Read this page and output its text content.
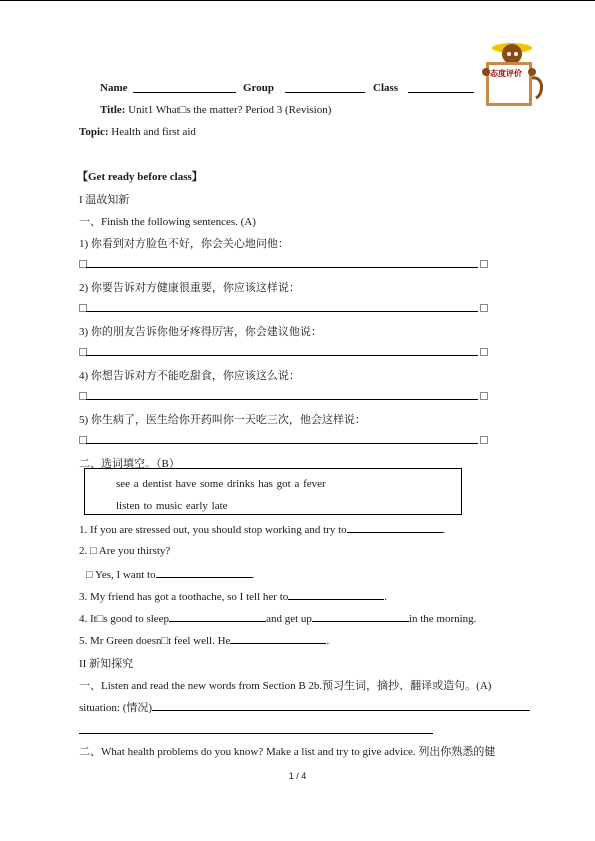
Name	Group	Class
态度评价
Title: Unit1 What□s the matter? Period 3 (Revision)
Topic: Health and first aid
【Get ready before class】
I 温故知新
一、Finish the following sentences. (A)
1) 你看到对方脸色不好，你会关心地问他：
2) 你要告诉对方健康很重要，你应该这样说：
3) 你的朋友告诉你他牙疼得厉害，你会建议他说：
4) 你想告诉对方不能吃甜食，你应该这么说：
5) 你生病了，医生给你开药叫你一天吃三次，他会这样说：
二、选词填空。（B）
see a dentist have some drinks has got a fever
listen to music early late
1. If you are stressed out, you should stop working and try to	.
2. □ Are you thirsty?
□ Yes, I want to	.
3. My friend has got a toothache, so I tell her to	.
4. It□s good to sleep	and get up	in the morning.
5. Mr Green doesn□t feel well. He	.
II 新知探究
一、Listen and read the new words from Section B 2b.预习生词，摘抄、翻译或造句。(A)
situation: (情况)
二、What health problems do you know? Make a list and try to give advice. 列出你熟悉的健
1 / 4
